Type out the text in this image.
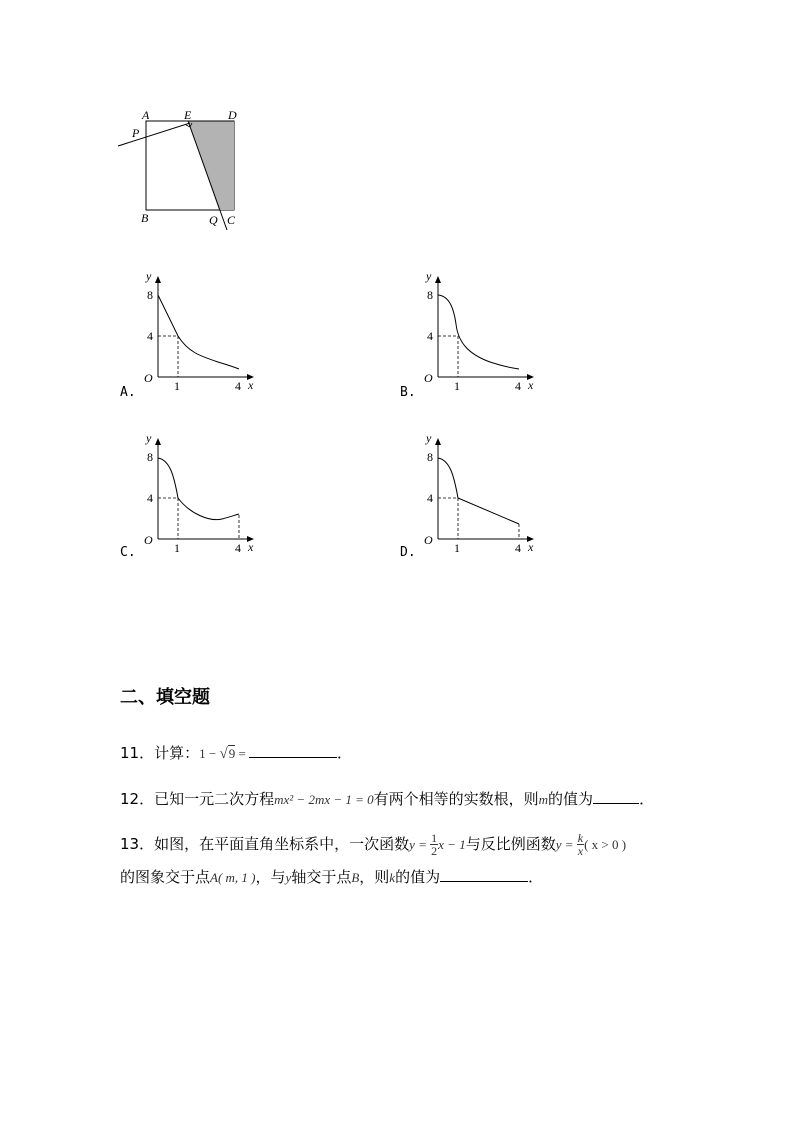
A	E	D
P
B	Q C
y
x
O
8
4
1	4
A.
y
x
O
8
4
1	4
B.
y
x
O
8
4
1	4
C.
y
x
O
8
4
1	4
D.
二、填空题
11．计算：1 − √9 =	．
12．已知一元二次方程mx² − 2mx − 1 = 0有两个相等的实数根，则m的值为	．
13．如图，在平面直角坐标系中，一次函数$y = \frac{1}{2}$ x − 1与反比例函数$y = \frac{k}{x}$ ( x > 0 )
的图象交于点A( m, 1 )，与y轴交于点B，则k的值为	．
